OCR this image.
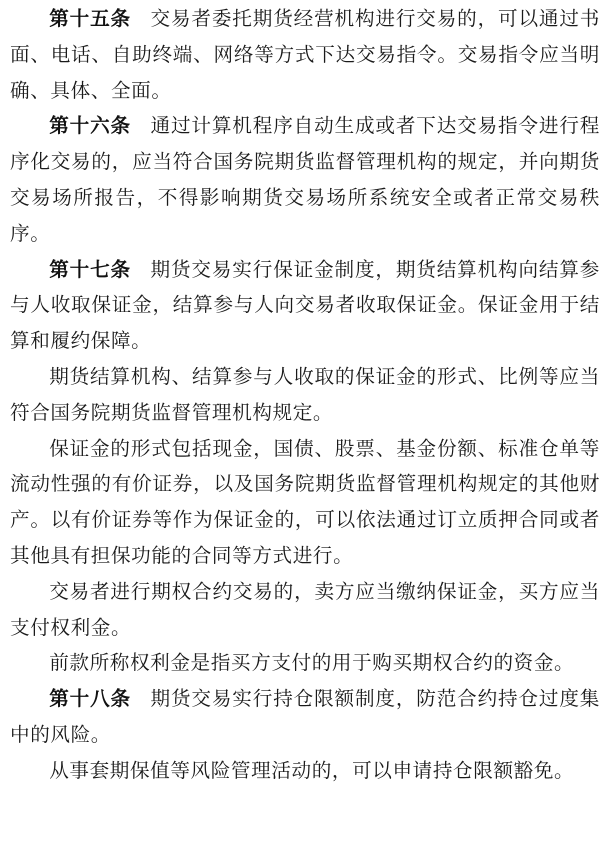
第十五条 交易者委托期货经营机构进行交易的，可以通过书面、电话、自助终端、网络等方式下达交易指令。交易指令应当明确、具体、全面。

第十六条 通过计算机程序自动生成或者下达交易指令进行程序化交易的，应当符合国务院期货监督管理机构的规定，并向期货交易场所报告，不得影响期货交易场所系统安全或者正常交易秩序。

第十七条 期货交易实行保证金制度，期货结算机构向结算参与人收取保证金，结算参与人向交易者收取保证金。保证金用于结算和履约保障。

期货结算机构、结算参与人收取的保证金的形式、比例等应当符合国务院期货监督管理机构规定。

保证金的形式包括现金，国债、股票、基金份额、标准仓单等流动性强的有价证券，以及国务院期货监督管理机构规定的其他财产。以有价证券等作为保证金的，可以依法通过订立质押合同或者其他具有担保功能的合同等方式进行。

交易者进行期权合约交易的，卖方应当缴纳保证金，买方应当支付权利金。

前款所称权利金是指买方支付的用于购买期权合约的资金。

第十八条 期货交易实行持仓限额制度，防范合约持仓过度集中的风险。

从事套期保值等风险管理活动的，可以申请持仓限额豁免。
